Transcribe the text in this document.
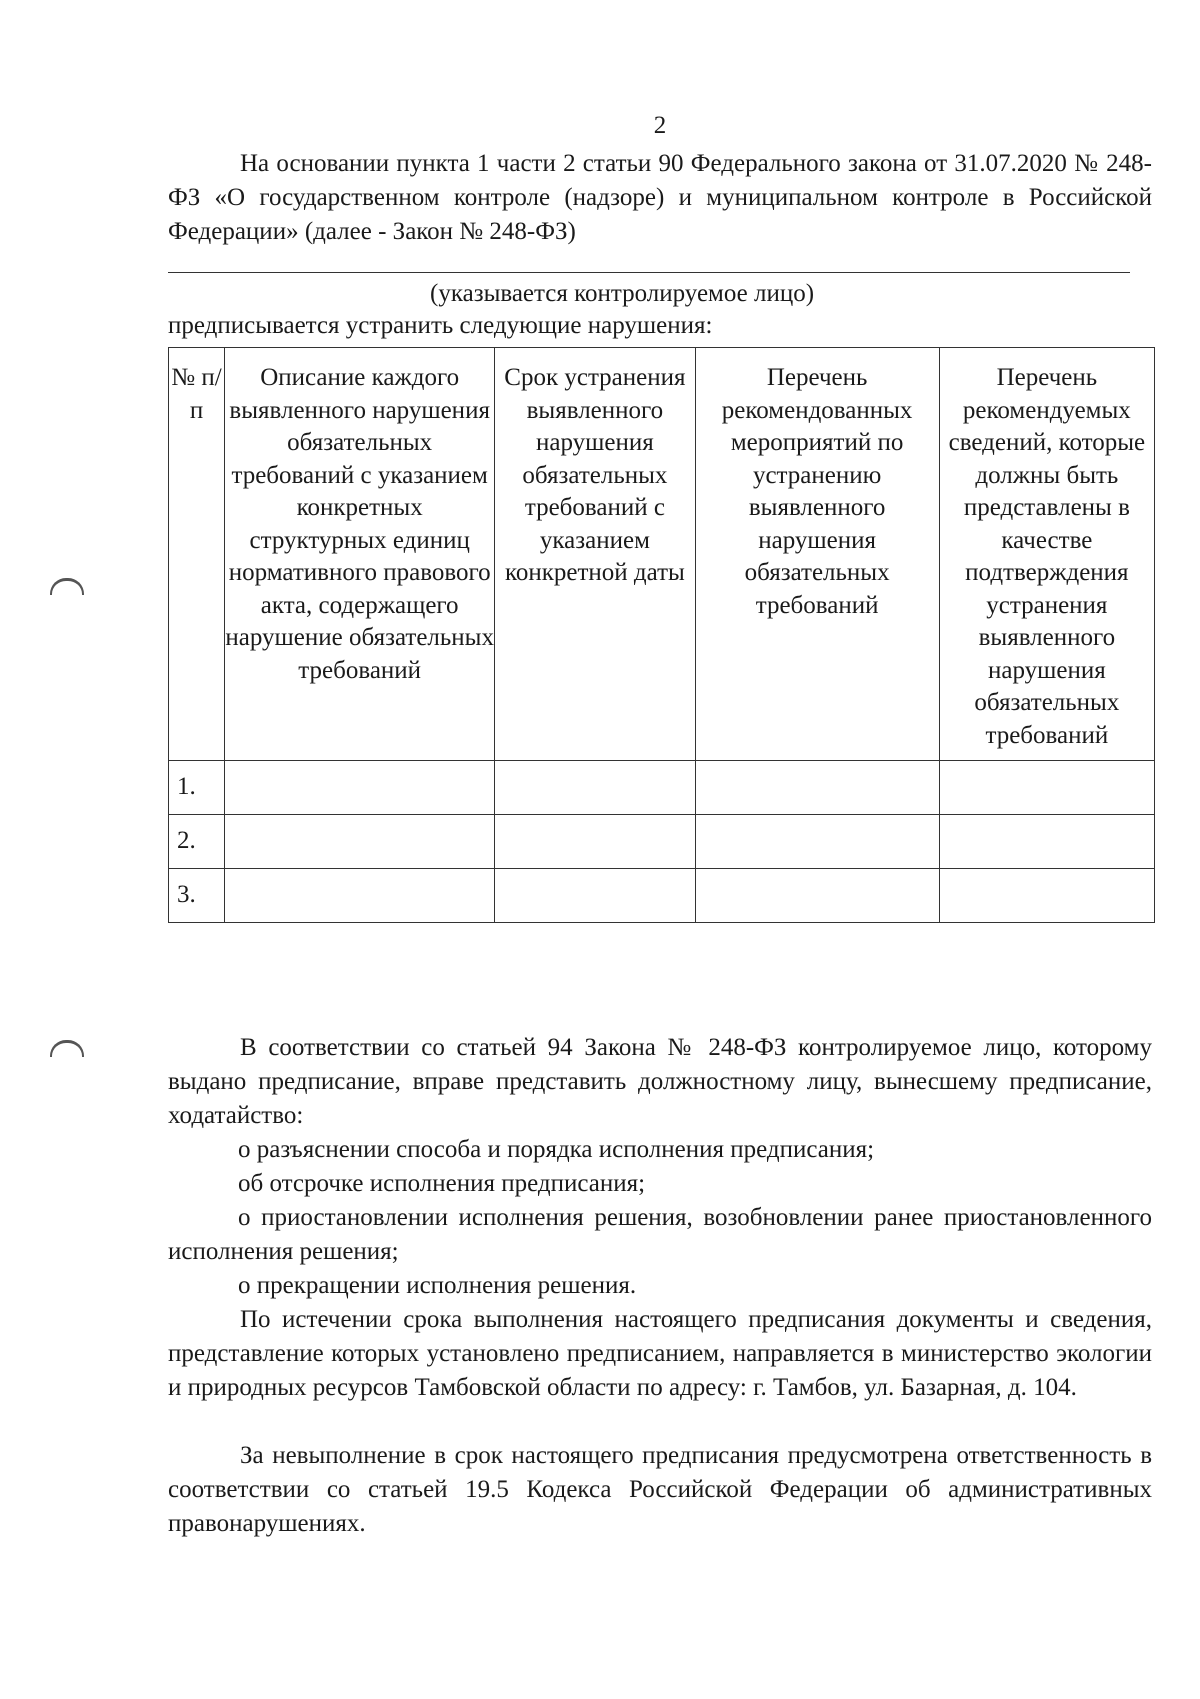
2

На основании пункта 1 части 2 статьи 90 Федерального закона от 31.07.2020 № 248-ФЗ «О государственном контроле (надзоре) и муниципальном контроле в Российской Федерации» (далее - Закон № 248-ФЗ)

(указывается контролируемое лицо)
предписывается устранить следующие нарушения:
№ п/п	Описание каждого выявленного нарушения обязательных требований с указанием конкретных структурных единиц нормативного правового акта, содержащего нарушение обязательных требований	Срок устранения выявленного нарушения обязательных требований с указанием конкретной даты	Перечень рекомендованных мероприятий по устранению выявленного нарушения обязательных требований	Перечень рекомендуемых сведений, которые должны быть представлены в качестве подтверждения устранения выявленного нарушения обязательных требований
1.				
2.				
3.				

В соответствии со статьей 94 Закона № 248-ФЗ контролируемое лицо, которому выдано предписание, вправе представить должностному лицу, вынесшему предписание, ходатайство:

о разъяснении способа и порядка исполнения предписания;

об отсрочке исполнения предписания;

о приостановлении исполнения решения, возобновлении ранее приостановленного исполнения решения;

о прекращении исполнения решения.

По истечении срока выполнения настоящего предписания документы и сведения, представление которых установлено предписанием, направляется в министерство экологии и природных ресурсов Тамбовской области по адресу: г. Тамбов, ул. Базарная, д. 104.

За невыполнение в срок настоящего предписания предусмотрена ответственность в соответствии со статьей 19.5 Кодекса Российской Федерации об административных правонарушениях.
